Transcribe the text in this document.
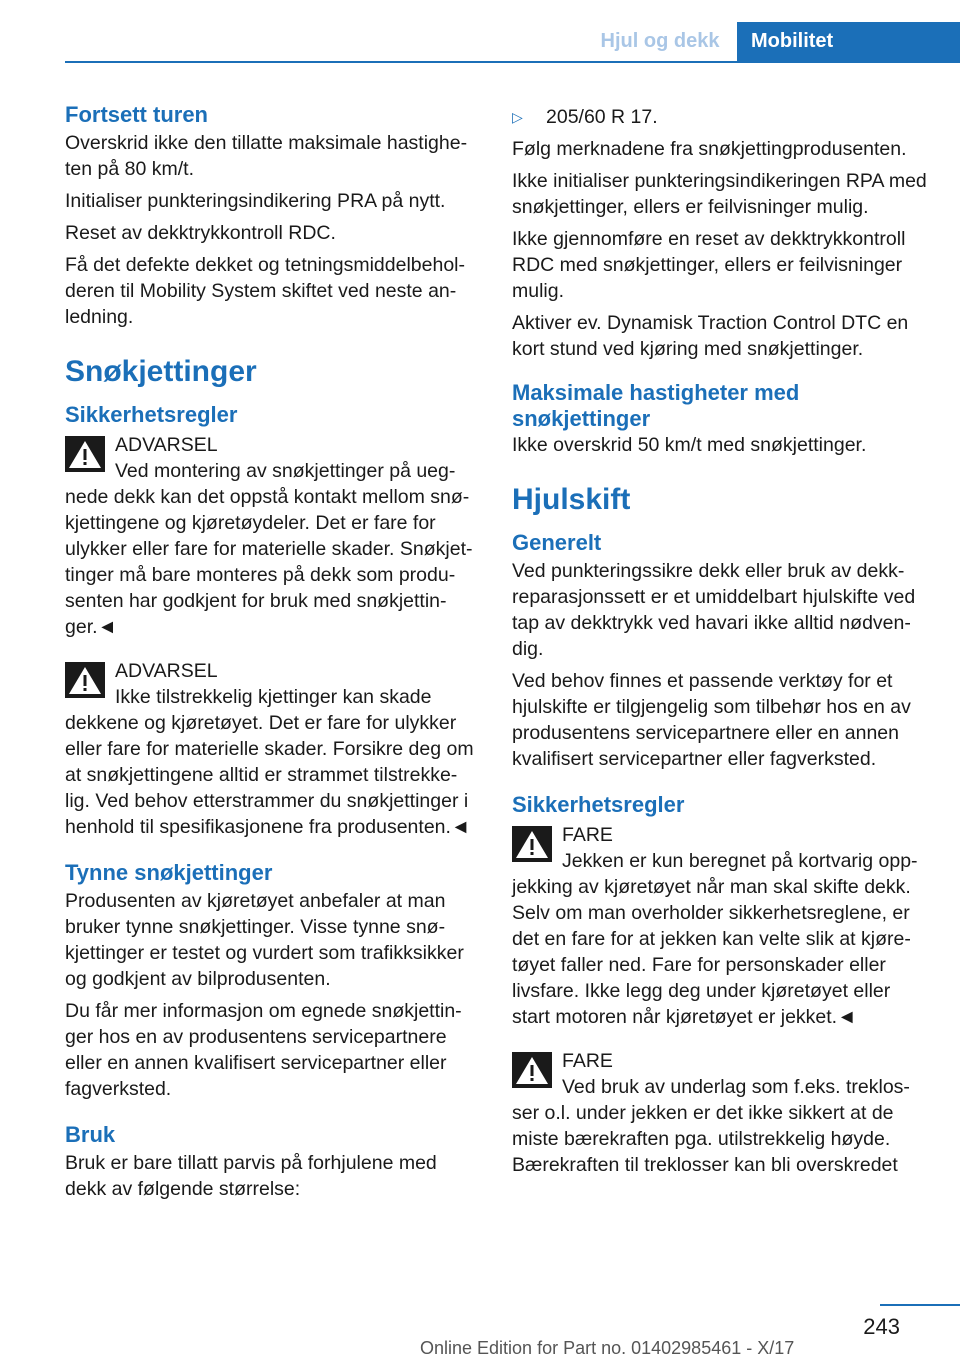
Hjul og dekk	Mobilitet
Fortsett turen

Overskrid ikke den tillatte maksimale hastighe-ten på 80 km/t.

Initialiser punkteringsindikering PRA på nytt.

Reset av dekktrykkontroll RDC.

Få det defekte dekket og tetningsmiddelbehol-deren til Mobility System skiftet ved neste an-ledning.

Snøkjettinger
Sikkerhetsregler
ADVARSEL
Ved montering av snøkjettinger på ueg-
nede dekk kan det oppstå kontakt mellom snø-kjettingene og kjøretøydeler. Det er fare for ulykker eller fare for materielle skader. Snøkjet-tinger må bare monteres på dekk som produ-senten har godkjent for bruk med snøkjettin-ger.◄
ADVARSEL
Ikke tilstrekkelig kjettinger kan skade
dekkene og kjøretøyet. Det er fare for ulykker eller fare for materielle skader. Forsikre deg om at snøkjettingene alltid er strammet tilstrekke-lig. Ved behov etterstrammer du snøkjettinger i henhold til spesifikasjonene fra produsenten.◄
Tynne snøkjettinger

Produsenten av kjøretøyet anbefaler at man bruker tynne snøkjettinger. Visse tynne snø-kjettinger er testet og vurdert som trafikksikker og godkjent av bilprodusenten.

Du får mer informasjon om egnede snøkjettin-ger hos en av produsentens servicepartnere eller en annen kvalifisert servicepartner eller fagverksted.

Bruk

Bruk er bare tillatt parvis på forhjulene med dekk av følgende størrelse:

▷	205/60 R 17.

Følg merknadene fra snøkjettingprodusenten.

Ikke initialiser punkteringsindikeringen RPA med snøkjettinger, ellers er feilvisninger mulig.

Ikke gjennomføre en reset av dekktrykkontroll RDC med snøkjettinger, ellers er feilvisninger mulig.

Aktiver ev. Dynamisk Traction Control DTC en kort stund ved kjøring med snøkjettinger.

Maksimale hastigheter med snøkjettinger

Ikke overskrid 50 km/t med snøkjettinger.

Hjulskift
Generelt

Ved punkteringssikre dekk eller bruk av dekk-reparasjonssett er et umiddelbart hjulskifte ved tap av dekktrykk ved havari ikke alltid nødven-dig.

Ved behov finnes et passende verktøy for et hjulskifte er tilgjengelig som tilbehør hos en av produsentens servicepartnere eller en annen kvalifisert servicepartner eller fagverksted.

Sikkerhetsregler
FARE
Jekken er kun beregnet på kortvarig opp-
jekking av kjøretøyet når man skal skifte dekk. Selv om man overholder sikkerhetsreglene, er det en fare for at jekken kan velte slik at kjøre-tøyet faller ned. Fare for personskader eller livsfare. Ikke legg deg under kjøretøyet eller start motoren når kjøretøyet er jekket.◄
FARE
Ved bruk av underlag som f.eks. treklos-
ser o.l. under jekken er det ikke sikkert at de miste bærekraften pga. utilstrekkelig høyde. Bærekraften til treklosser kan bli overskredet
243
Online Edition for Part no. 01402985461 - X/17
